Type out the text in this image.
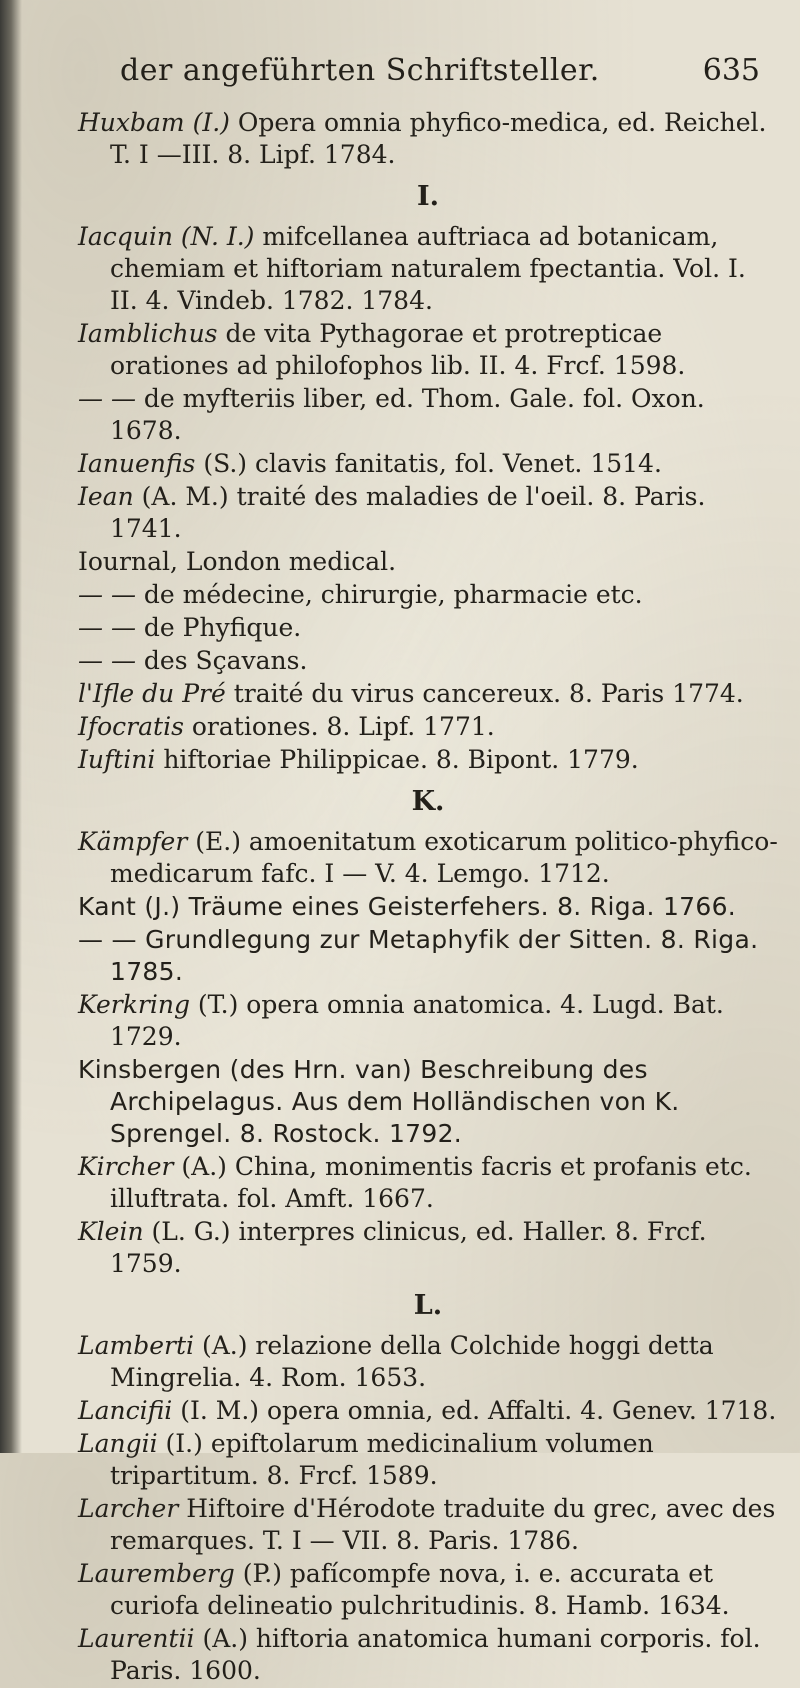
der angeführten Schriftsteller.	635
Huxbam (I.) Opera omnia phyfico-medica, ed. Reichel. T. I —III. 8. Lipf. 1784.
I.
Iacquin (N. I.) mifcellanea auftriaca ad botanicam, chemiam et hiftoriam naturalem fpectantia. Vol. I. II. 4. Vindeb. 1782. 1784.
Iamblichus de vita Pythagorae et protrepticae orationes ad philofophos lib. II. 4. Frcf. 1598.
— — de myfteriis liber, ed. Thom. Gale. fol. Oxon. 1678.
Ianuenfis (S.) clavis fanitatis, fol. Venet. 1514.
Iean (A. M.) traité des maladies de l'oeil. 8. Paris. 1741.
Iournal, London medical.
— — de médecine, chirurgie, pharmacie etc.
— — de Phyfique.
— — des Sçavans.
l'Ifle du Pré traité du virus cancereux. 8. Paris 1774.
Ifocratis orationes. 8. Lipf. 1771.
Iuftini hiftoriae Philippicae. 8. Bipont. 1779.
K.
Kämpfer (E.) amoenitatum exoticarum politico-phyfico-medicarum fafc. I — V. 4. Lemgo. 1712.
Kant (J.) Träume eines Geisterfehers. 8. Riga. 1766.
— — Grundlegung zur Metaphyfik der Sitten. 8. Riga. 1785.
Kerkring (T.) opera omnia anatomica. 4. Lugd. Bat. 1729.
Kinsbergen (des Hrn. van) Beschreibung des Archipelagus. Aus dem Holländischen von K. Sprengel. 8. Rostock. 1792.
Kircher (A.) China, monimentis facris et profanis etc. illuftrata. fol. Amft. 1667.
Klein (L. G.) interpres clinicus, ed. Haller. 8. Frcf. 1759.
L.
Lamberti (A.) relazione della Colchide hoggi detta Mingrelia. 4. Rom. 1653.
Lancifii (I. M.) opera omnia, ed. Affalti. 4. Genev. 1718.
Langii (I.) epiftolarum medicinalium volumen tripartitum. 8. Frcf. 1589.
Larcher Hiftoire d'Hérodote traduite du grec, avec des remarques. T. I — VII. 8. Paris. 1786.
Lauremberg (P.) pafícompfe nova, i. e. accurata et curiofa delineatio pulchritudinis. 8. Hamb. 1634.
Laurentii (A.) hiftoria anatomica humani corporis. fol. Paris. 1600.
